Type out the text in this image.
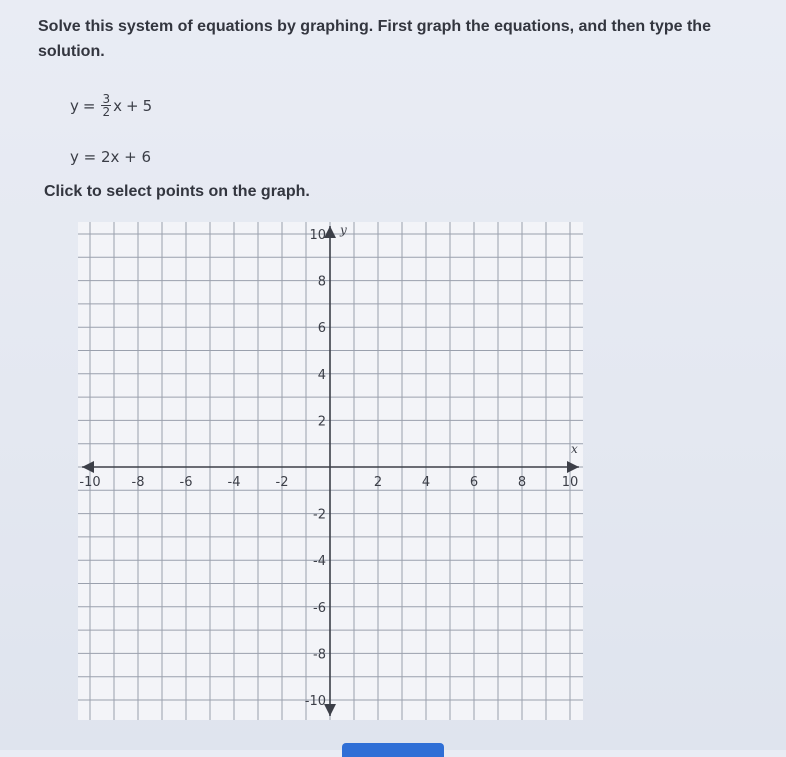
Solve this system of equations by graphing. First graph the equations, and then type the solution.
$y = \frac{3}{2}$ x + 5
y = 2x + 6
Click to select points on the graph.
x
y
-10 -8	-6	-4	-2	2	4	6	8	10
10
8
6
4
2
-2
-4
-6
-8
-10
